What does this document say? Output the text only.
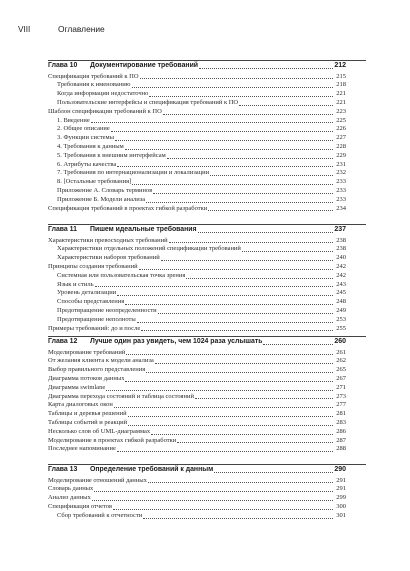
VIII	Оглавление
Глава 10	Документирование требований	212
Спецификация требований к ПО	215
Требования к именованию	218
Когда информации недостаточно	221
Пользовательские интерфейсы и спецификация требований к ПО	221
Шаблон спецификации требований к ПО	223
1. Введение	225
2. Общее описание	226
3. Функции системы	227
4. Требования к данным	228
5. Требования к внешним интерфейсам	229
6. Атрибуты качества	231
7. Требования по интернационализации и локализации	232
8. [Остальные требования]	233
Приложение А. Словарь терминов	233
Приложение Б. Модели анализа	233
Спецификация требований в проектах гибкой разработки	234
Глава 11	Пишем идеальные требования	237
Характеристики превосходных требований	238
Характеристики отдельных положений спецификации требований	238
Характеристики наборов требований	240
Принципы создания требований	242
Системная или пользовательская точка зрения	242
Язык и стиль	243
Уровень детализации	245
Способы представления	248
Предотвращение неопределенности	249
Предотвращение неполноты	253
Примеры требований: до и после	255
Глава 12	Лучше один раз увидеть, чем 1024 раза услышать	260
Моделирование требований	261
От желания клиента к модели анализа	262
Выбор правильного представления	265
Диаграмма потоков данных	267
Диаграмма swimlane	271
Диаграмма перехода состояний и таблица состояний	273
Карта диалоговых окон	277
Таблицы и деревья решений	281
Таблицы событий и реакций	283
Несколько слов об UML-диаграммах	286
Моделирование в проектах гибкой разработки	287
Последнее напоминание	288
Глава 13	Определение требований к данным	290
Моделирование отношений данных	291
Словарь данных	291
Анализ данных	299
Спецификация отчетов	300
Сбор требований к отчетности	301
